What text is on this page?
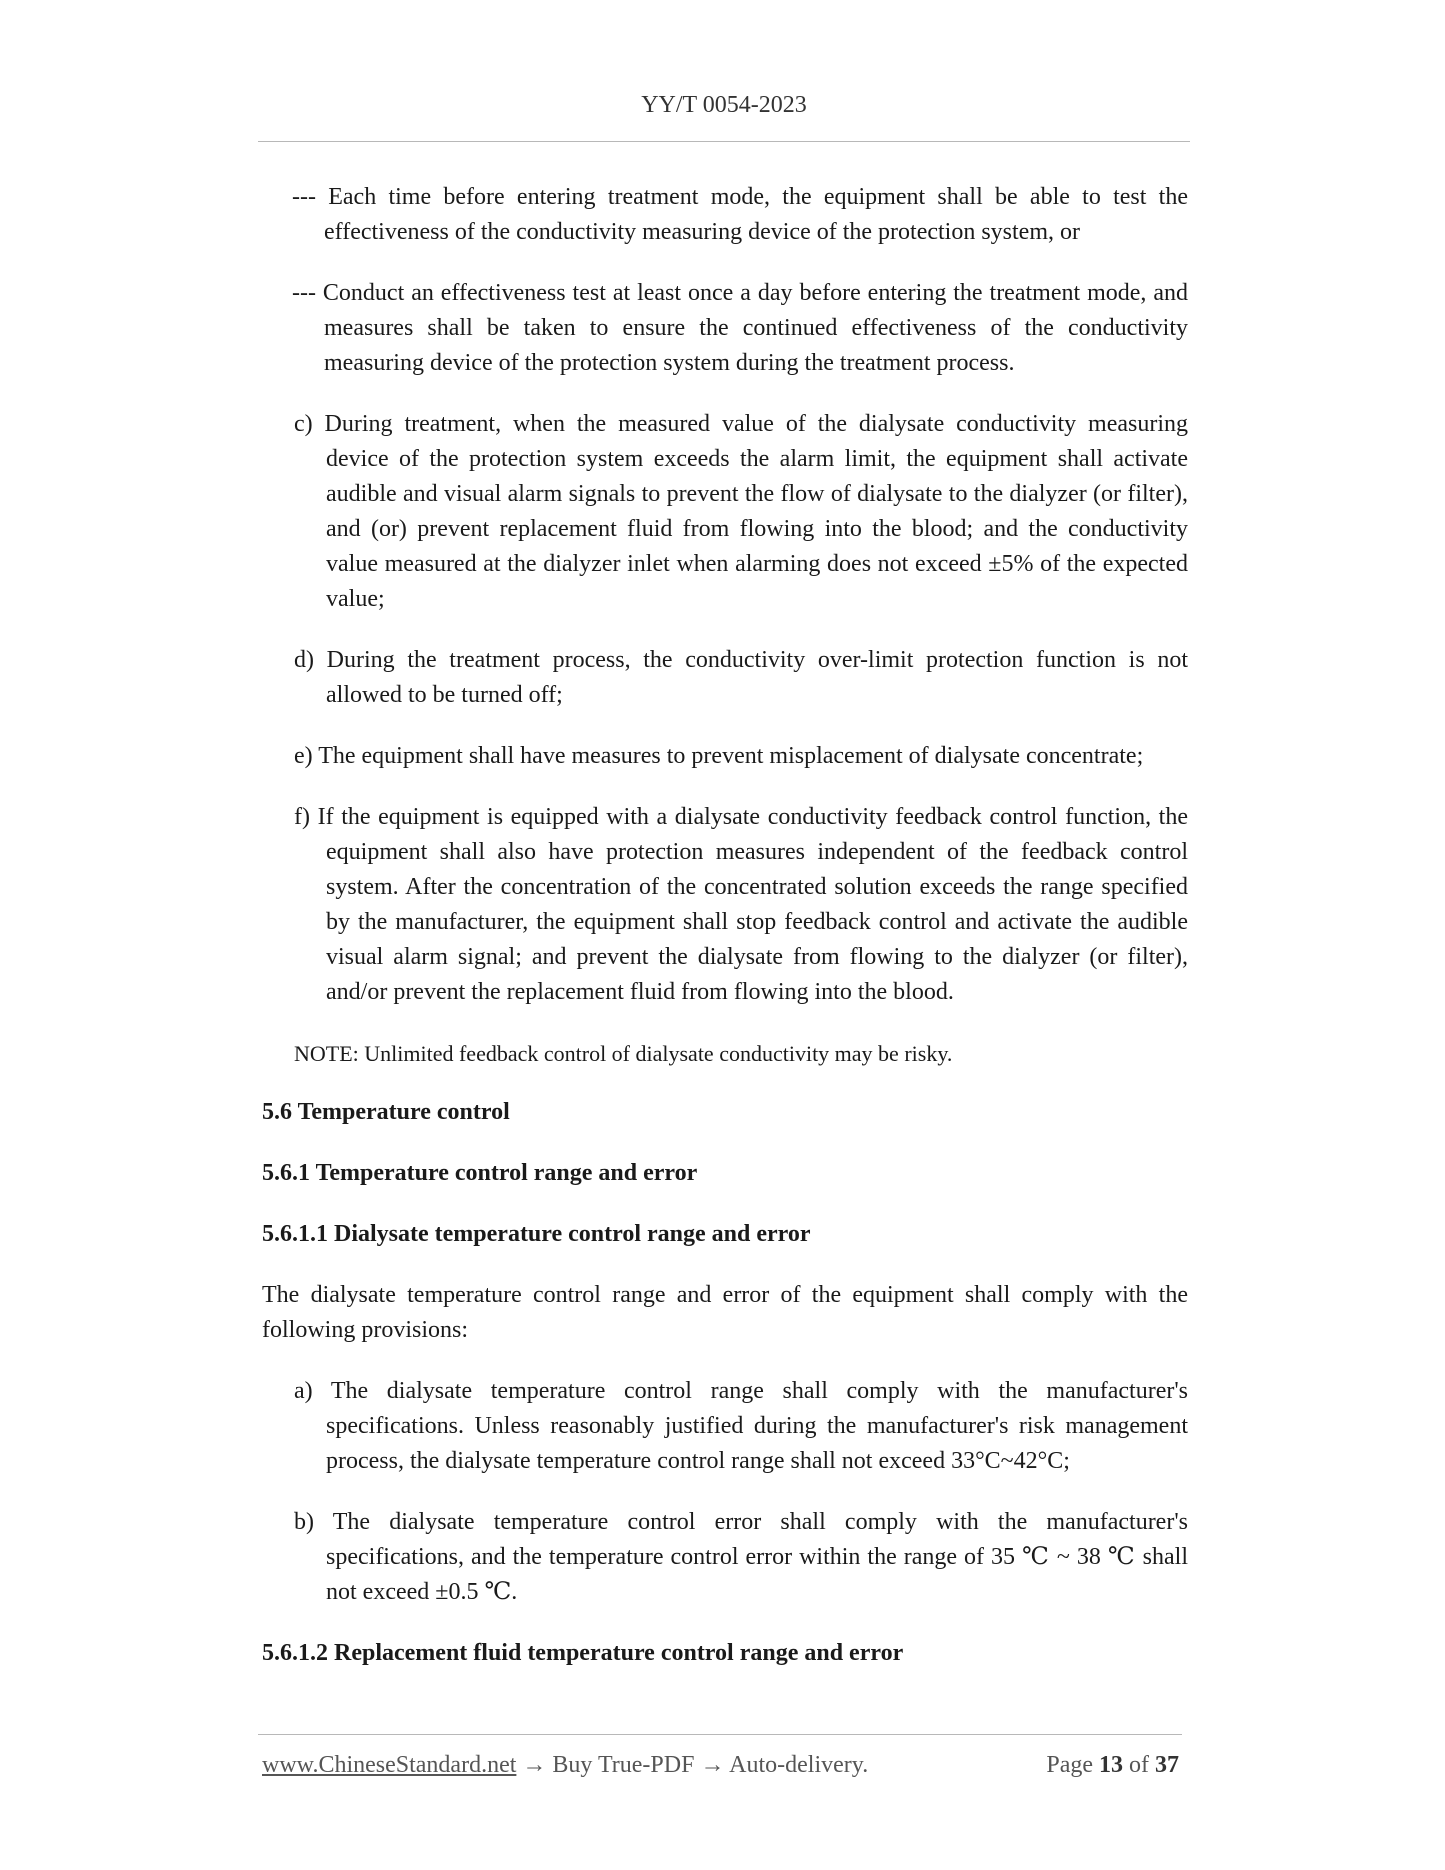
YY/T 0054-2023

--- Each time before entering treatment mode, the equipment shall be able to test the effectiveness of the conductivity measuring device of the protection system, or

--- Conduct an effectiveness test at least once a day before entering the treatment mode, and measures shall be taken to ensure the continued effectiveness of the conductivity measuring device of the protection system during the treatment process.

c) During treatment, when the measured value of the dialysate conductivity measuring device of the protection system exceeds the alarm limit, the equipment shall activate audible and visual alarm signals to prevent the flow of dialysate to the dialyzer (or filter), and (or) prevent replacement fluid from flowing into the blood; and the conductivity value measured at the dialyzer inlet when alarming does not exceed ±5% of the expected value;

d) During the treatment process, the conductivity over-limit protection function is not allowed to be turned off;

e) The equipment shall have measures to prevent misplacement of dialysate concentrate;

f) If the equipment is equipped with a dialysate conductivity feedback control function, the equipment shall also have protection measures independent of the feedback control system. After the concentration of the concentrated solution exceeds the range specified by the manufacturer, the equipment shall stop feedback control and activate the audible visual alarm signal; and prevent the dialysate from flowing to the dialyzer (or filter), and/or prevent the replacement fluid from flowing into the blood.

NOTE: Unlimited feedback control of dialysate conductivity may be risky.

5.6 Temperature control

5.6.1 Temperature control range and error

5.6.1.1 Dialysate temperature control range and error

The dialysate temperature control range and error of the equipment shall comply with the following provisions:

a) The dialysate temperature control range shall comply with the manufacturer's specifications. Unless reasonably justified during the manufacturer's risk management process, the dialysate temperature control range shall not exceed 33°C~42°C;

b) The dialysate temperature control error shall comply with the manufacturer's specifications, and the temperature control error within the range of 35 ℃ ~ 38 ℃ shall not exceed ±0.5 ℃.

5.6.1.2 Replacement fluid temperature control range and error

www.ChineseStandard.net → Buy True-PDF → Auto-delivery.	Page 13 of 37
